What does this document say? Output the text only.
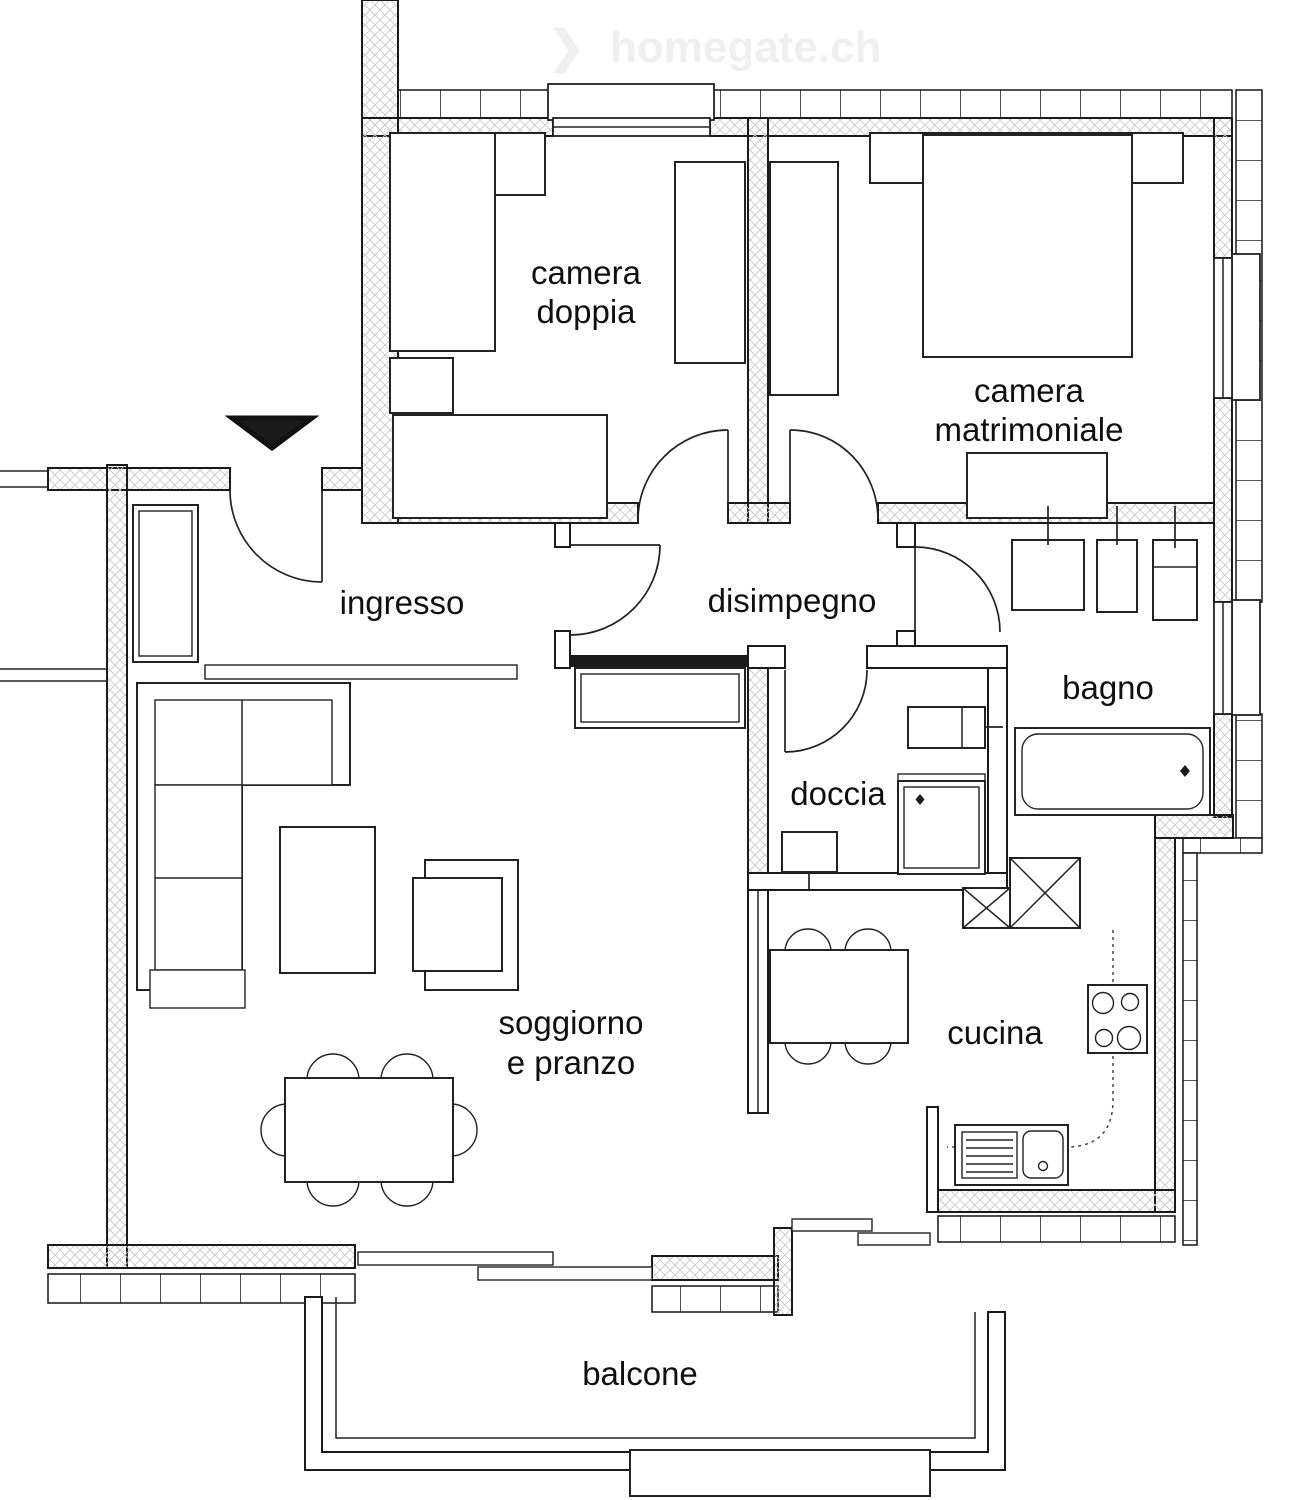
❯ homegate.ch
camera
doppia
camera
matrimoniale
ingresso	disimpegno
bagno
doccia
soggiorno
e pranzo
cucina
balcone
